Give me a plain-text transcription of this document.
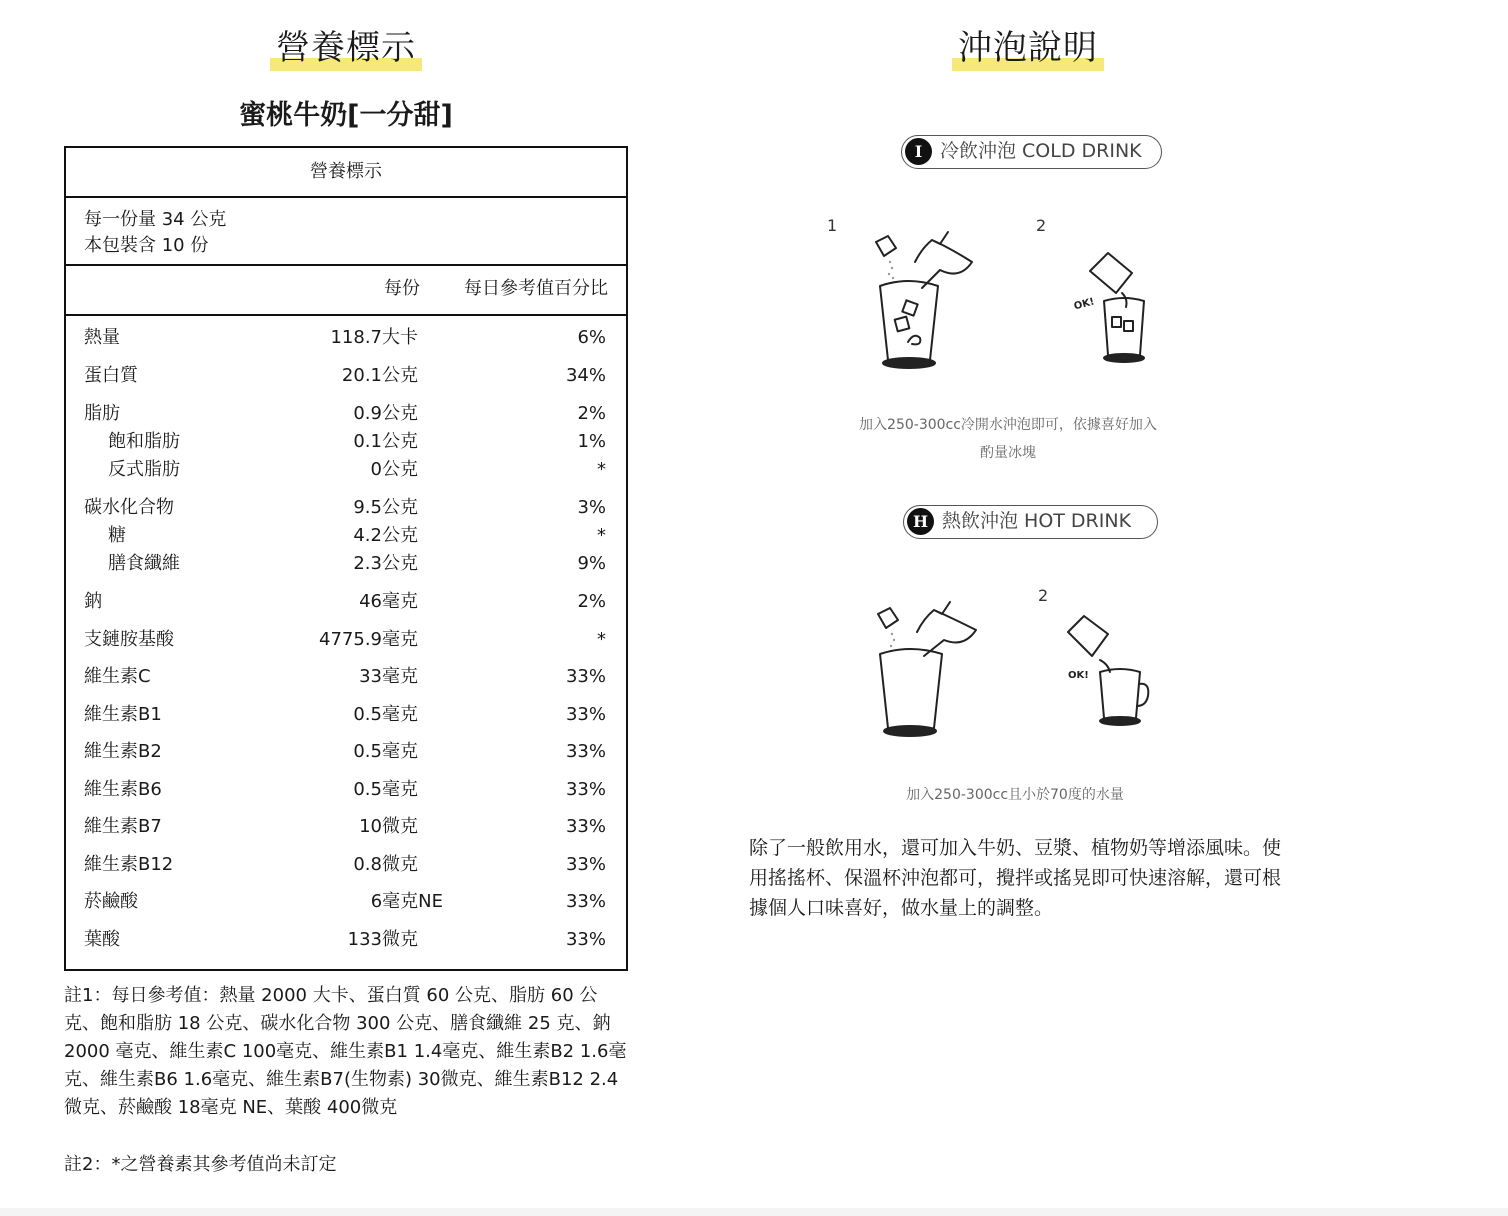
營養標示
蜜桃牛奶[一分甜]
營養標示
每一份量 34 公克
本包裝含 10 份
每份 每日參考值百分比
熱量	118.7大卡	6%
蛋白質	20.1公克	34%
脂肪	0.9公克	2%
飽和脂肪	0.1公克	1%
反式脂肪	0公克	*
碳水化合物	9.5公克	3%
糖	4.2公克	*
膳食纖維	2.3公克	9%
鈉	46毫克	2%
支鏈胺基酸	4775.9毫克	*
維生素C	33毫克	33%
維生素B1	0.5毫克	33%
維生素B2	0.5毫克	33%
維生素B6	0.5毫克	33%
維生素B7	10微克	33%
維生素B12	0.8微克	33%
菸鹼酸	6毫克NE	33%
葉酸	133微克	33%
註1：每日參考值：熱量 2000 大卡、蛋白質 60 公克、脂肪 60 公
克、飽和脂肪 18 公克、碳水化合物 300 公克、膳食纖維 25 克、鈉
2000 毫克、維生素C 100毫克、維生素B1 1.4毫克、維生素B2 1.6毫
克、維生素B6 1.6毫克、維生素B7(生物素) 30微克、維生素B12 2.4
微克、菸鹼酸 18毫克 NE、葉酸 400微克
註2：*之營養素其參考值尚未訂定
沖泡說明
I 冷飲沖泡 COLD DRINK
1	2
OK!
加入250-300cc冷開水沖泡即可，依據喜好加入
酌量冰塊
H 熱飲沖泡 HOT DRINK
2
OK!
加入250-300cc且小於70度的水量
除了一般飲用水，還可加入牛奶、豆漿、植物奶等增添風味。使
用搖搖杯、保溫杯沖泡都可，攪拌或搖晃即可快速溶解，還可根
據個人口味喜好，做水量上的調整。
